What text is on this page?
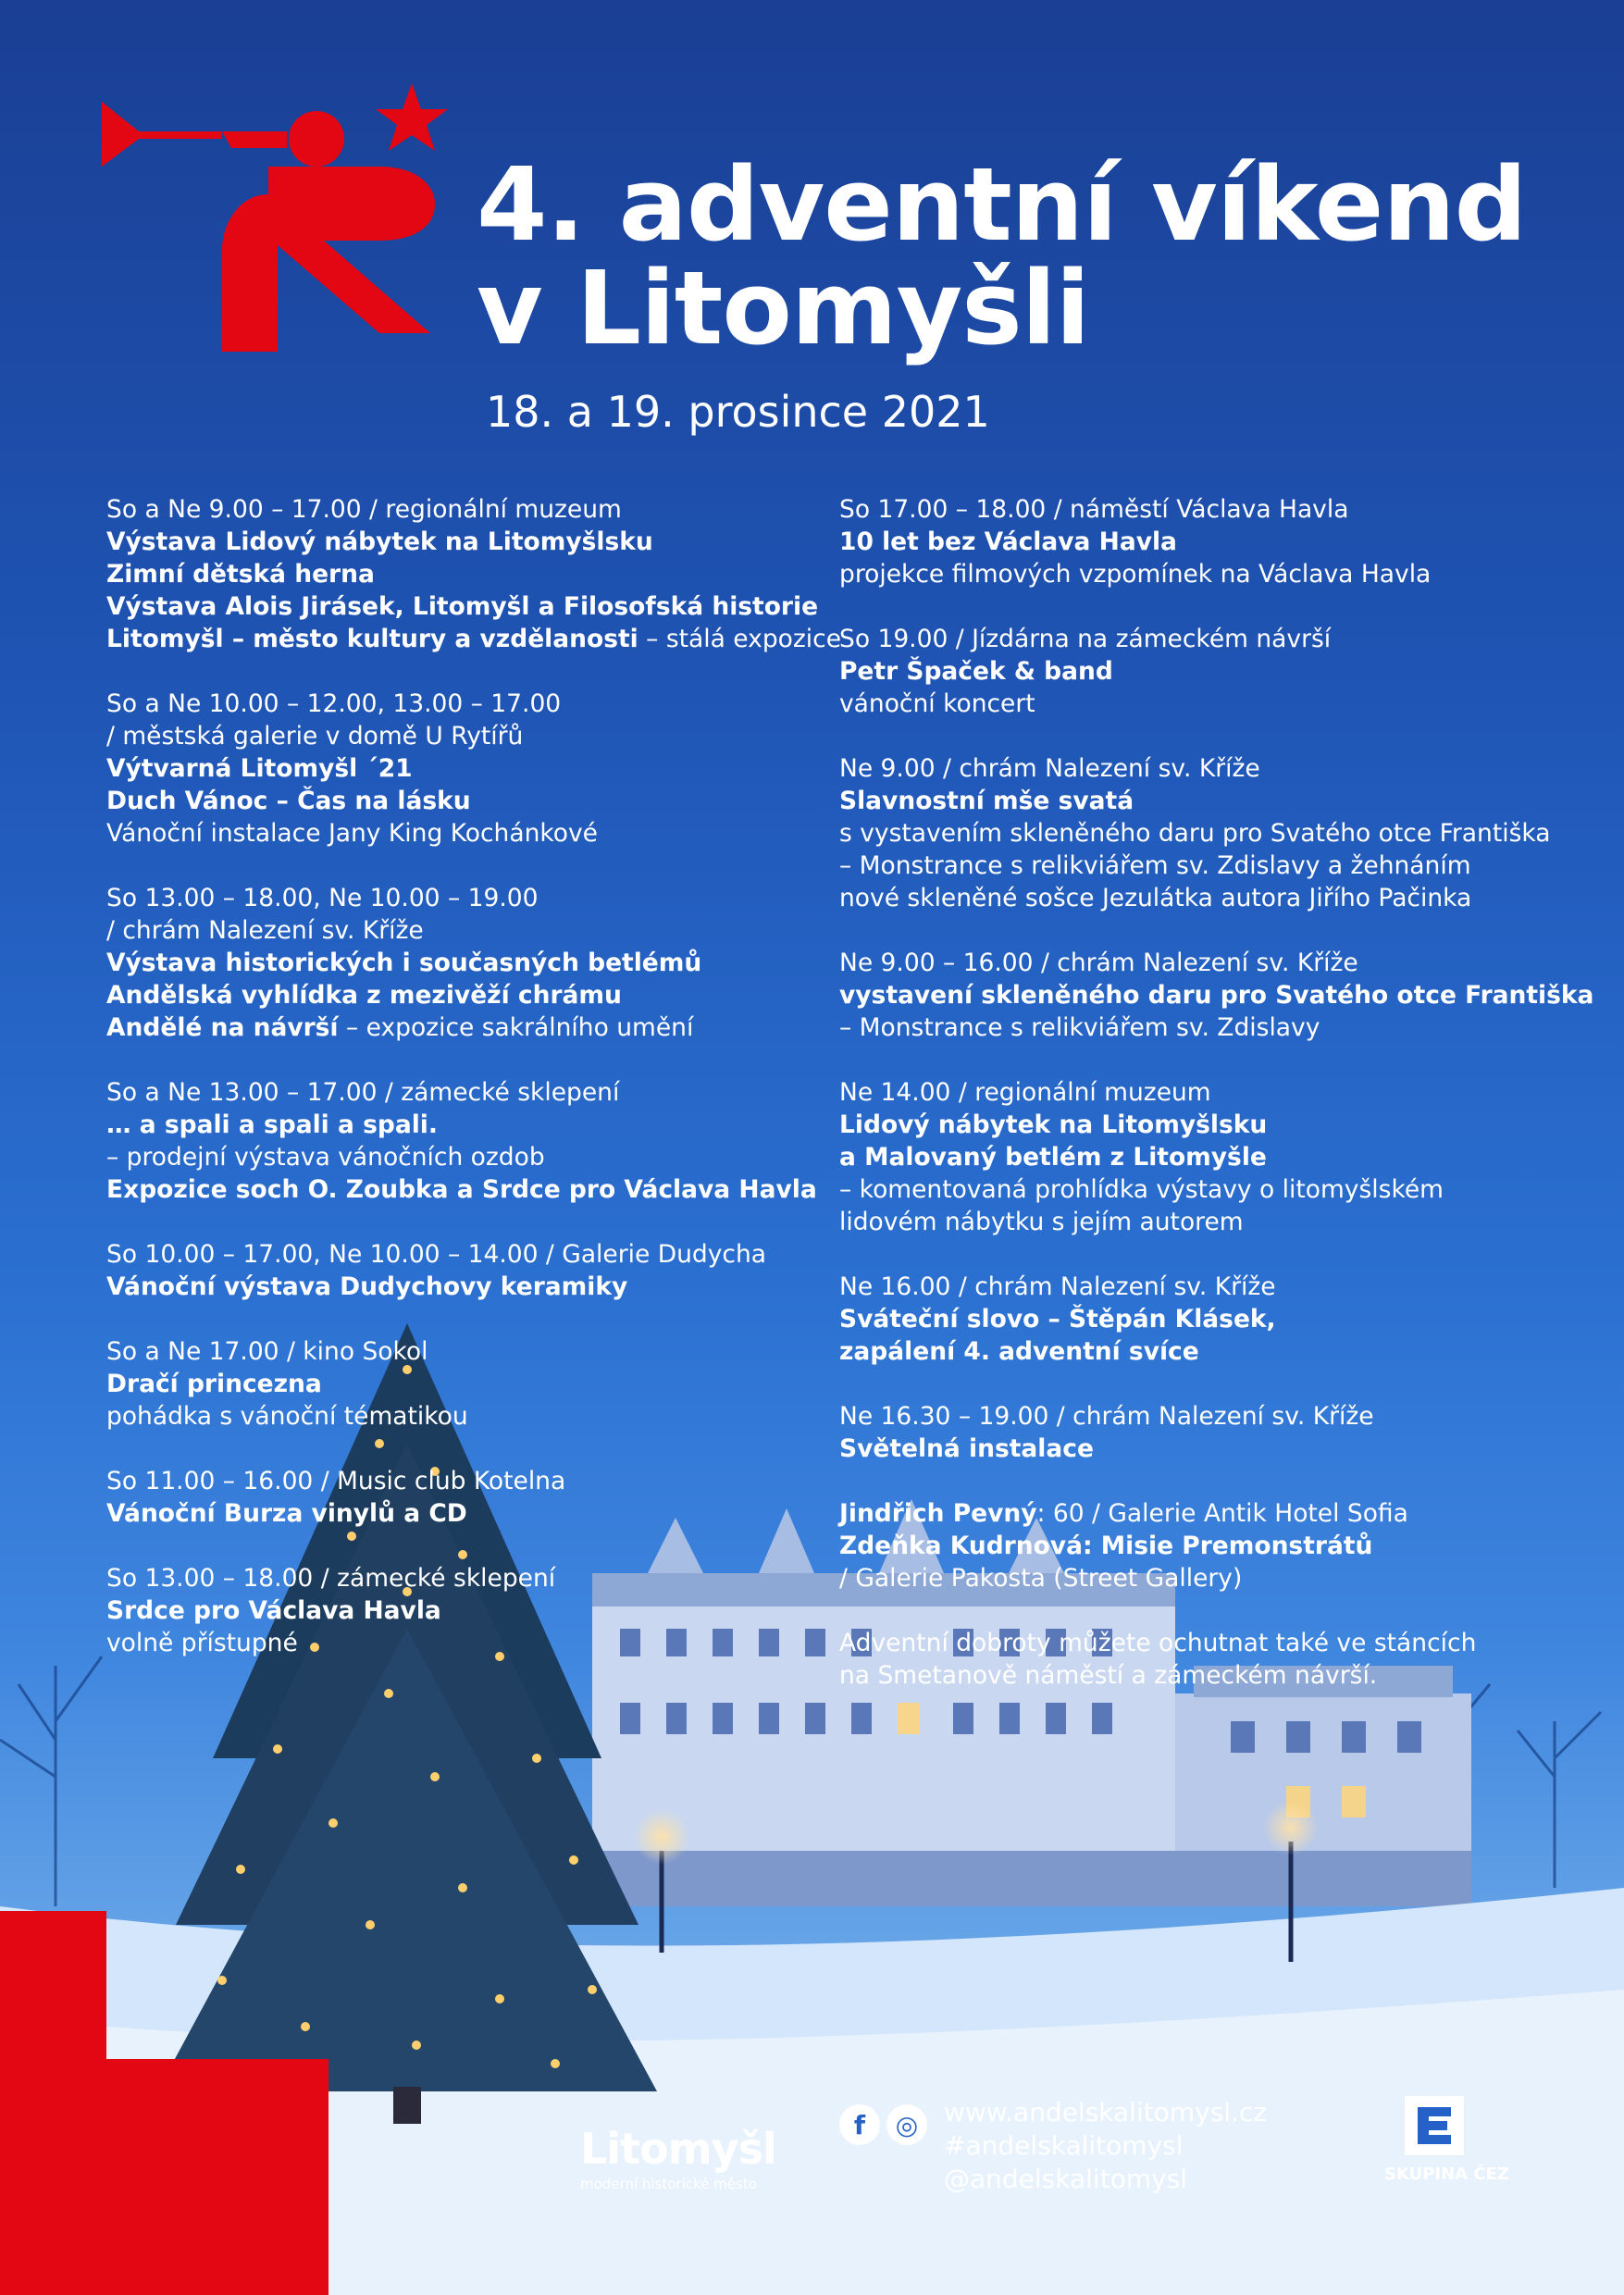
4. adventní víkend
v Litomyšli
18. a 19. prosince 2021

So a Ne 9.00 – 17.00 / regionální muzeum
Výstava Lidový nábytek na Litomyšlsku
Zimní dětská herna
Výstava Alois Jirásek, Litomyšl a Filosofská historie
Litomyšl – město kultury a vzdělanosti – stálá expozice

So a Ne 10.00 – 12.00, 13.00 – 17.00
/ městská galerie v domě U Rytířů
Výtvarná Litomyšl ´21
Duch Vánoc – Čas na lásku
Vánoční instalace Jany King Kochánkové

So 13.00 – 18.00, Ne 10.00 – 19.00
/ chrám Nalezení sv. Kříže
Výstava historických i současných betlémů
Andělská vyhlídka z mezivěží chrámu
Andělé na návrší – expozice sakrálního umění

So a Ne 13.00 – 17.00 / zámecké sklepení
… a spali a spali a spali.
– prodejní výstava vánočních ozdob
Expozice soch O. Zoubka a Srdce pro Václava Havla

So 10.00 – 17.00, Ne 10.00 – 14.00 / Galerie Dudycha
Vánoční výstava Dudychovy keramiky

So a Ne 17.00 / kino Sokol
Dračí princezna
pohádka s vánoční tématikou

So 11.00 – 16.00 / Music club Kotelna
Vánoční Burza vinylů a CD

So 13.00 – 18.00 / zámecké sklepení
Srdce pro Václava Havla
volně přístupné

So 17.00 – 18.00 / náměstí Václava Havla
10 let bez Václava Havla
projekce filmových vzpomínek na Václava Havla

So 19.00 / Jízdárna na zámeckém návrší
Petr Špaček & band
vánoční koncert

Ne 9.00 / chrám Nalezení sv. Kříže
Slavnostní mše svatá
s vystavením skleněného daru pro Svatého otce Františka
– Monstrance s relikviářem sv. Zdislavy a žehnáním
nové skleněné sošce Jezulátka autora Jiřího Pačinka

Ne 9.00 – 16.00 / chrám Nalezení sv. Kříže
vystavení skleněného daru pro Svatého otce Františka
– Monstrance s relikviářem sv. Zdislavy

Ne 14.00 / regionální muzeum
Lidový nábytek na Litomyšlsku
a Malovaný betlém z Litomyšle
– komentovaná prohlídka výstavy o litomyšlském
lidovém nábytku s jejím autorem

Ne 16.00 / chrám Nalezení sv. Kříže
Sváteční slovo – Štěpán Klásek,
zapálení 4. adventní svíce

Ne 16.30 – 19.00 / chrám Nalezení sv. Kříže
Světelná instalace

Jindřich Pevný: 60 / Galerie Antik Hotel Sofia
Zdeňka Kudrnová: Misie Premonstrátů
/ Galerie Pakosta (Street Gallery)

Adventní dobroty můžete ochutnat také ve stáncích
na Smetanově náměstí a zámeckém návrší.

Litomyšl
moderní historické město
f	◎ www.andelskalitomysl.cz
#andelskalitomysl
@andelskalitomysl	SKUPINA ČEZ
